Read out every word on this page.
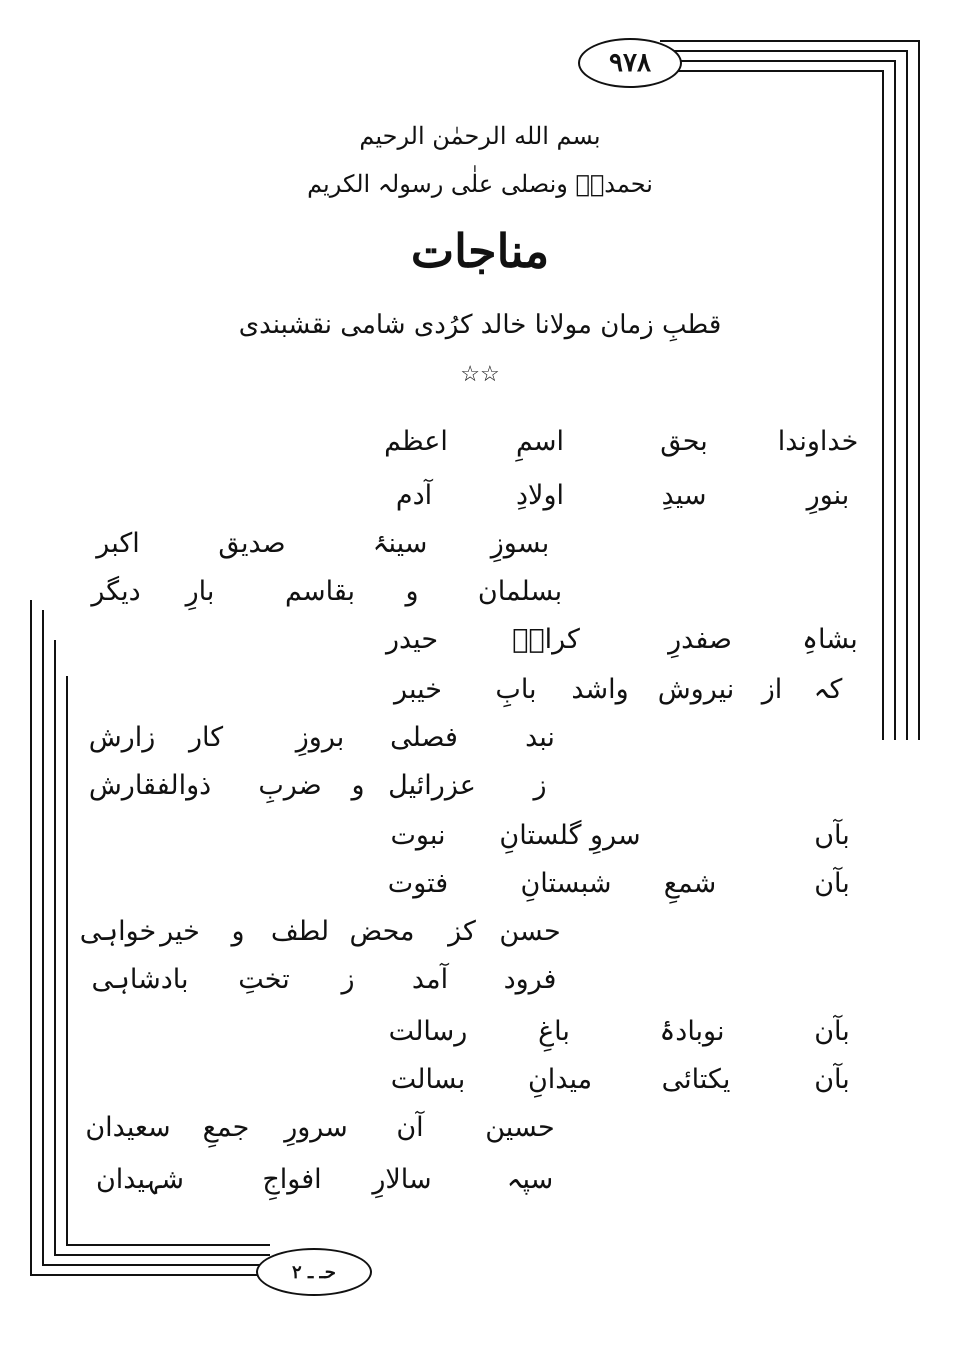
٩٧٨
حـ ـ ٢
بسم الله الرحمٰن الرحیم
نحمدہٗ ونصلی علٰی رسولہ الکریم
مناجات
قطبِ زمان مولانا خالد کرُدی شامی نقشبندی
☆☆
خداوندا
بحق
اسمِ
اعظم
بنورِ
سیدِ
اولادِ
آدم
بسوزِ
سینۂ
صدیق
اکبر
بسلمان
و
بقاسم
بارِ
دیگر
بشاہِ
صفدرِ
کرارؓ
حیدر
کہ
از
نیروش
واشد
بابِ
خیبر
نبد
فصلی
بروزِ
کار
زارش
ز
عزرائیل
و
ضربِ
ذوالفقارش
بآں
سروِ گلستانِ
نبوت
بآن
شمعِ
شبستانِ
فتوت
حسن
کز
محض
لطف
و
خیر
خواہی
فرود
آمد
ز
تختِ
بادشاہی
بآن
نوبادۂ
باغِ
رسالت
بآن
یکتائی
میدانِ
بسالت
حسین
آن
سرورِ
جمعِ
سعیدان
سپہ
سالارِ
افواجِ
شہیدان
